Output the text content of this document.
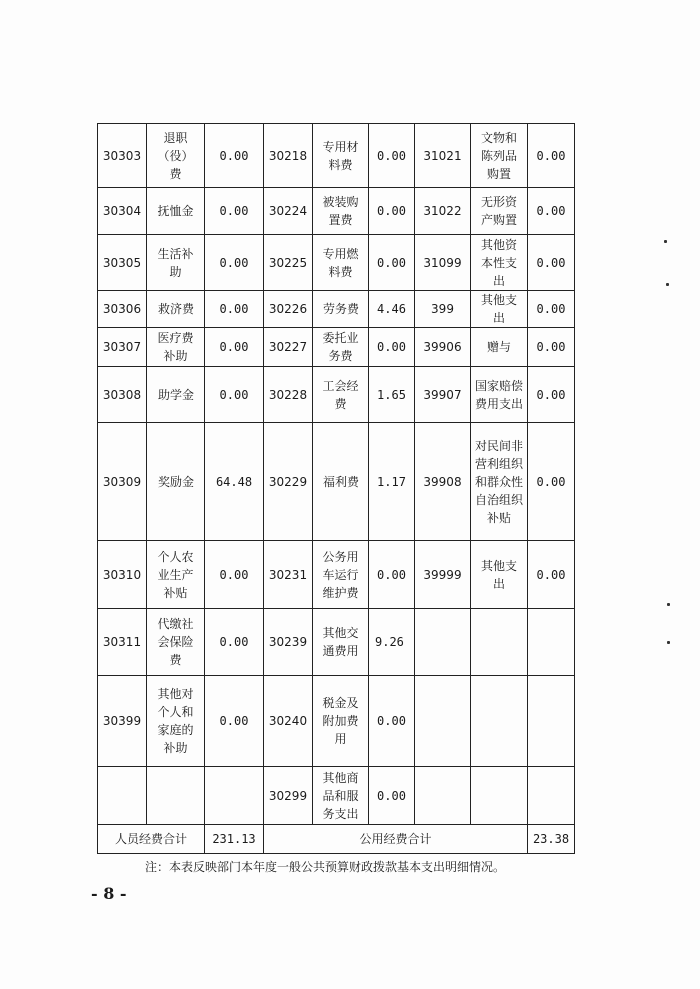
30303	退职（役）费	0.00	30218	专用材料费	0.00	31021	文物和陈列品购置	0.00
30304	抚恤金	0.00	30224	被装购置费	0.00	31022	无形资产购置	0.00
30305	生活补助	0.00	30225	专用燃料费	0.00	31099	其他资本性支出	0.00
30306	救济费	0.00	30226	劳务费	4.46	399	其他支出	0.00
30307	医疗费补助	0.00	30227	委托业务费	0.00	39906	赠与	0.00
30308	助学金	0.00	30228	工会经费	1.65	39907	国家赔偿费用支出	0.00
30309	奖励金	64.48	30229	福利费	1.17	39908	对民间非营利组织和群众性自治组织补贴	0.00
30310	个人农业生产补贴	0.00	30231	公务用车运行维护费	0.00	39999	其他支出	0.00
30311	代缴社会保险费	0.00	30239	其他交通费用	9.26		

30399	其他对个人和家庭的补助	0.00	30240	税金及附加费用	0.00		

		30299	其他商品和服务支出	0.00		

人员经费合计		231.13	公用经费合计					23.38
注：本表反映部门本年度一般公共预算财政拨款基本支出明细情况。
- 8 -
